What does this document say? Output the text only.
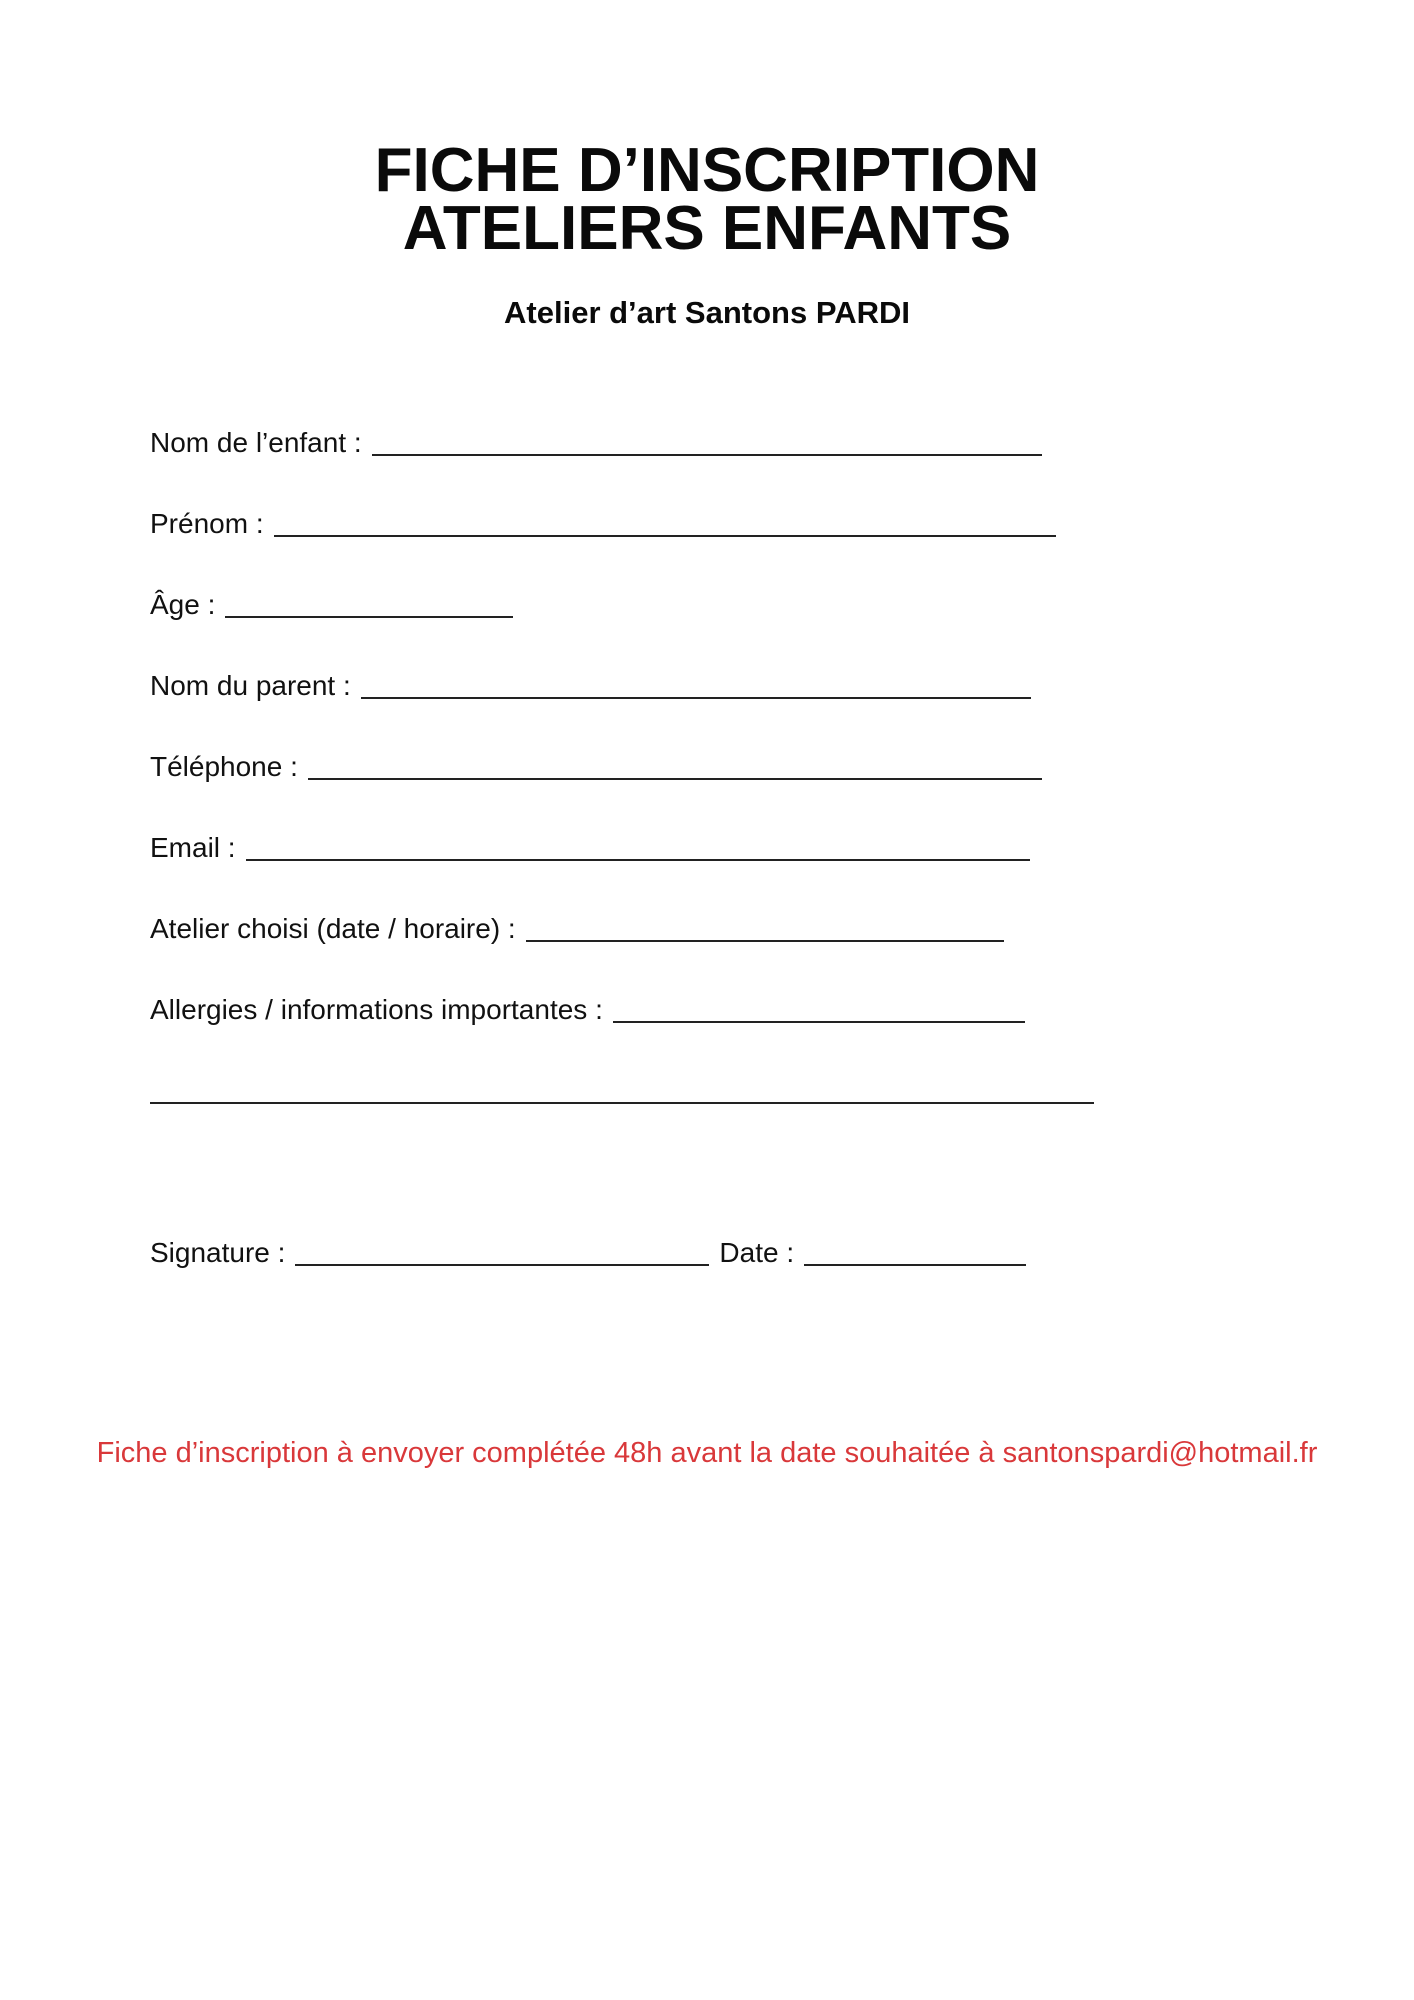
FICHE D’INSCRIPTION
ATELIERS ENFANTS
Atelier d’art Santons PARDI
Nom de l’enfant :
Prénom :
Âge :
Nom du parent :
Téléphone :
Email :
Atelier choisi (date / horaire) :
Allergies / informations importantes :
Signature :	Date :
Fiche d’inscription à envoyer complétée 48h avant la date souhaitée à santonspardi@hotmail.fr
